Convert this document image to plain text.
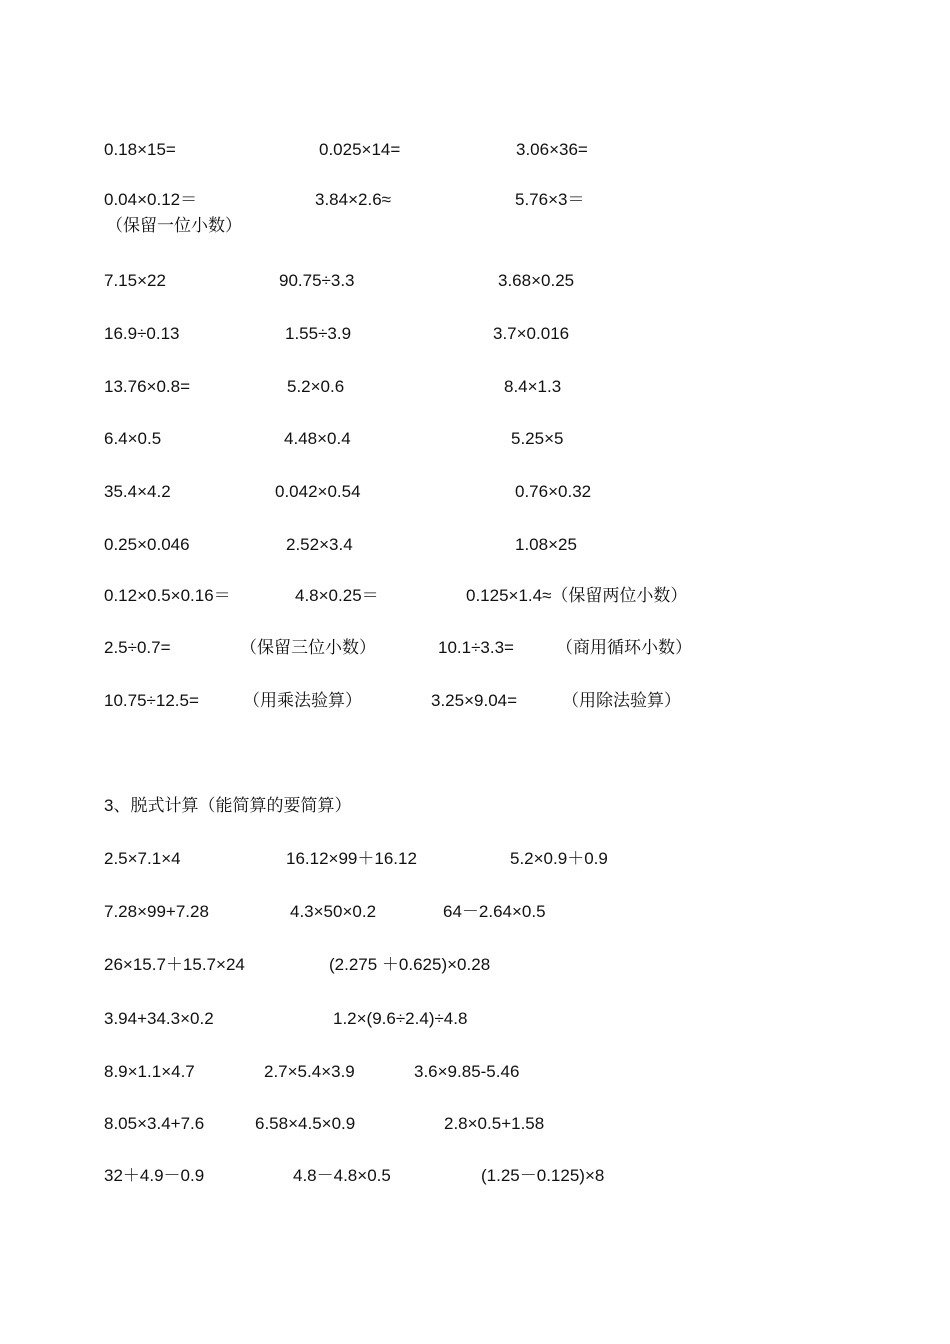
0.18×15=	0.025×14=	3.06×36=
0.04×0.12＝	3.84×2.6≈	5.76×3＝
（保留一位小数）
7.15×22	90.75÷3.3	3.68×0.25
16.9÷0.13	1.55÷3.9	3.7×0.016
13.76×0.8=	5.2×0.6	8.4×1.3
6.4×0.5	4.48×0.4	5.25×5
35.4×4.2	0.042×0.54	0.76×0.32
0.25×0.046	2.52×3.4	1.08×25
0.12×0.5×0.16＝	4.8×0.25＝	0.125×1.4≈（保留两位小数）
2.5÷0.7=	（保留三位小数）	10.1÷3.3= （商用循环小数）
10.75÷12.5=	（用乘法验算）	3.25×9.04=	（用除法验算）
3、脱式计算（能简算的要简算）
2.5×7.1×4	16.12×99＋16.12	5.2×0.9＋0.9
7.28×99+7.28	4.3×50×0.2	64－2.64×0.5
26×15.7＋15.7×24	(2.275 ＋0.625)×0.28
3.94+34.3×0.2	1.2×(9.6÷2.4)÷4.8
8.9×1.1×4.7	2.7×5.4×3.9	3.6×9.85-5.46
8.05×3.4+7.6	6.58×4.5×0.9	2.8×0.5+1.58
32＋4.9－0.9	4.8－4.8×0.5	(1.25－0.125)×8
